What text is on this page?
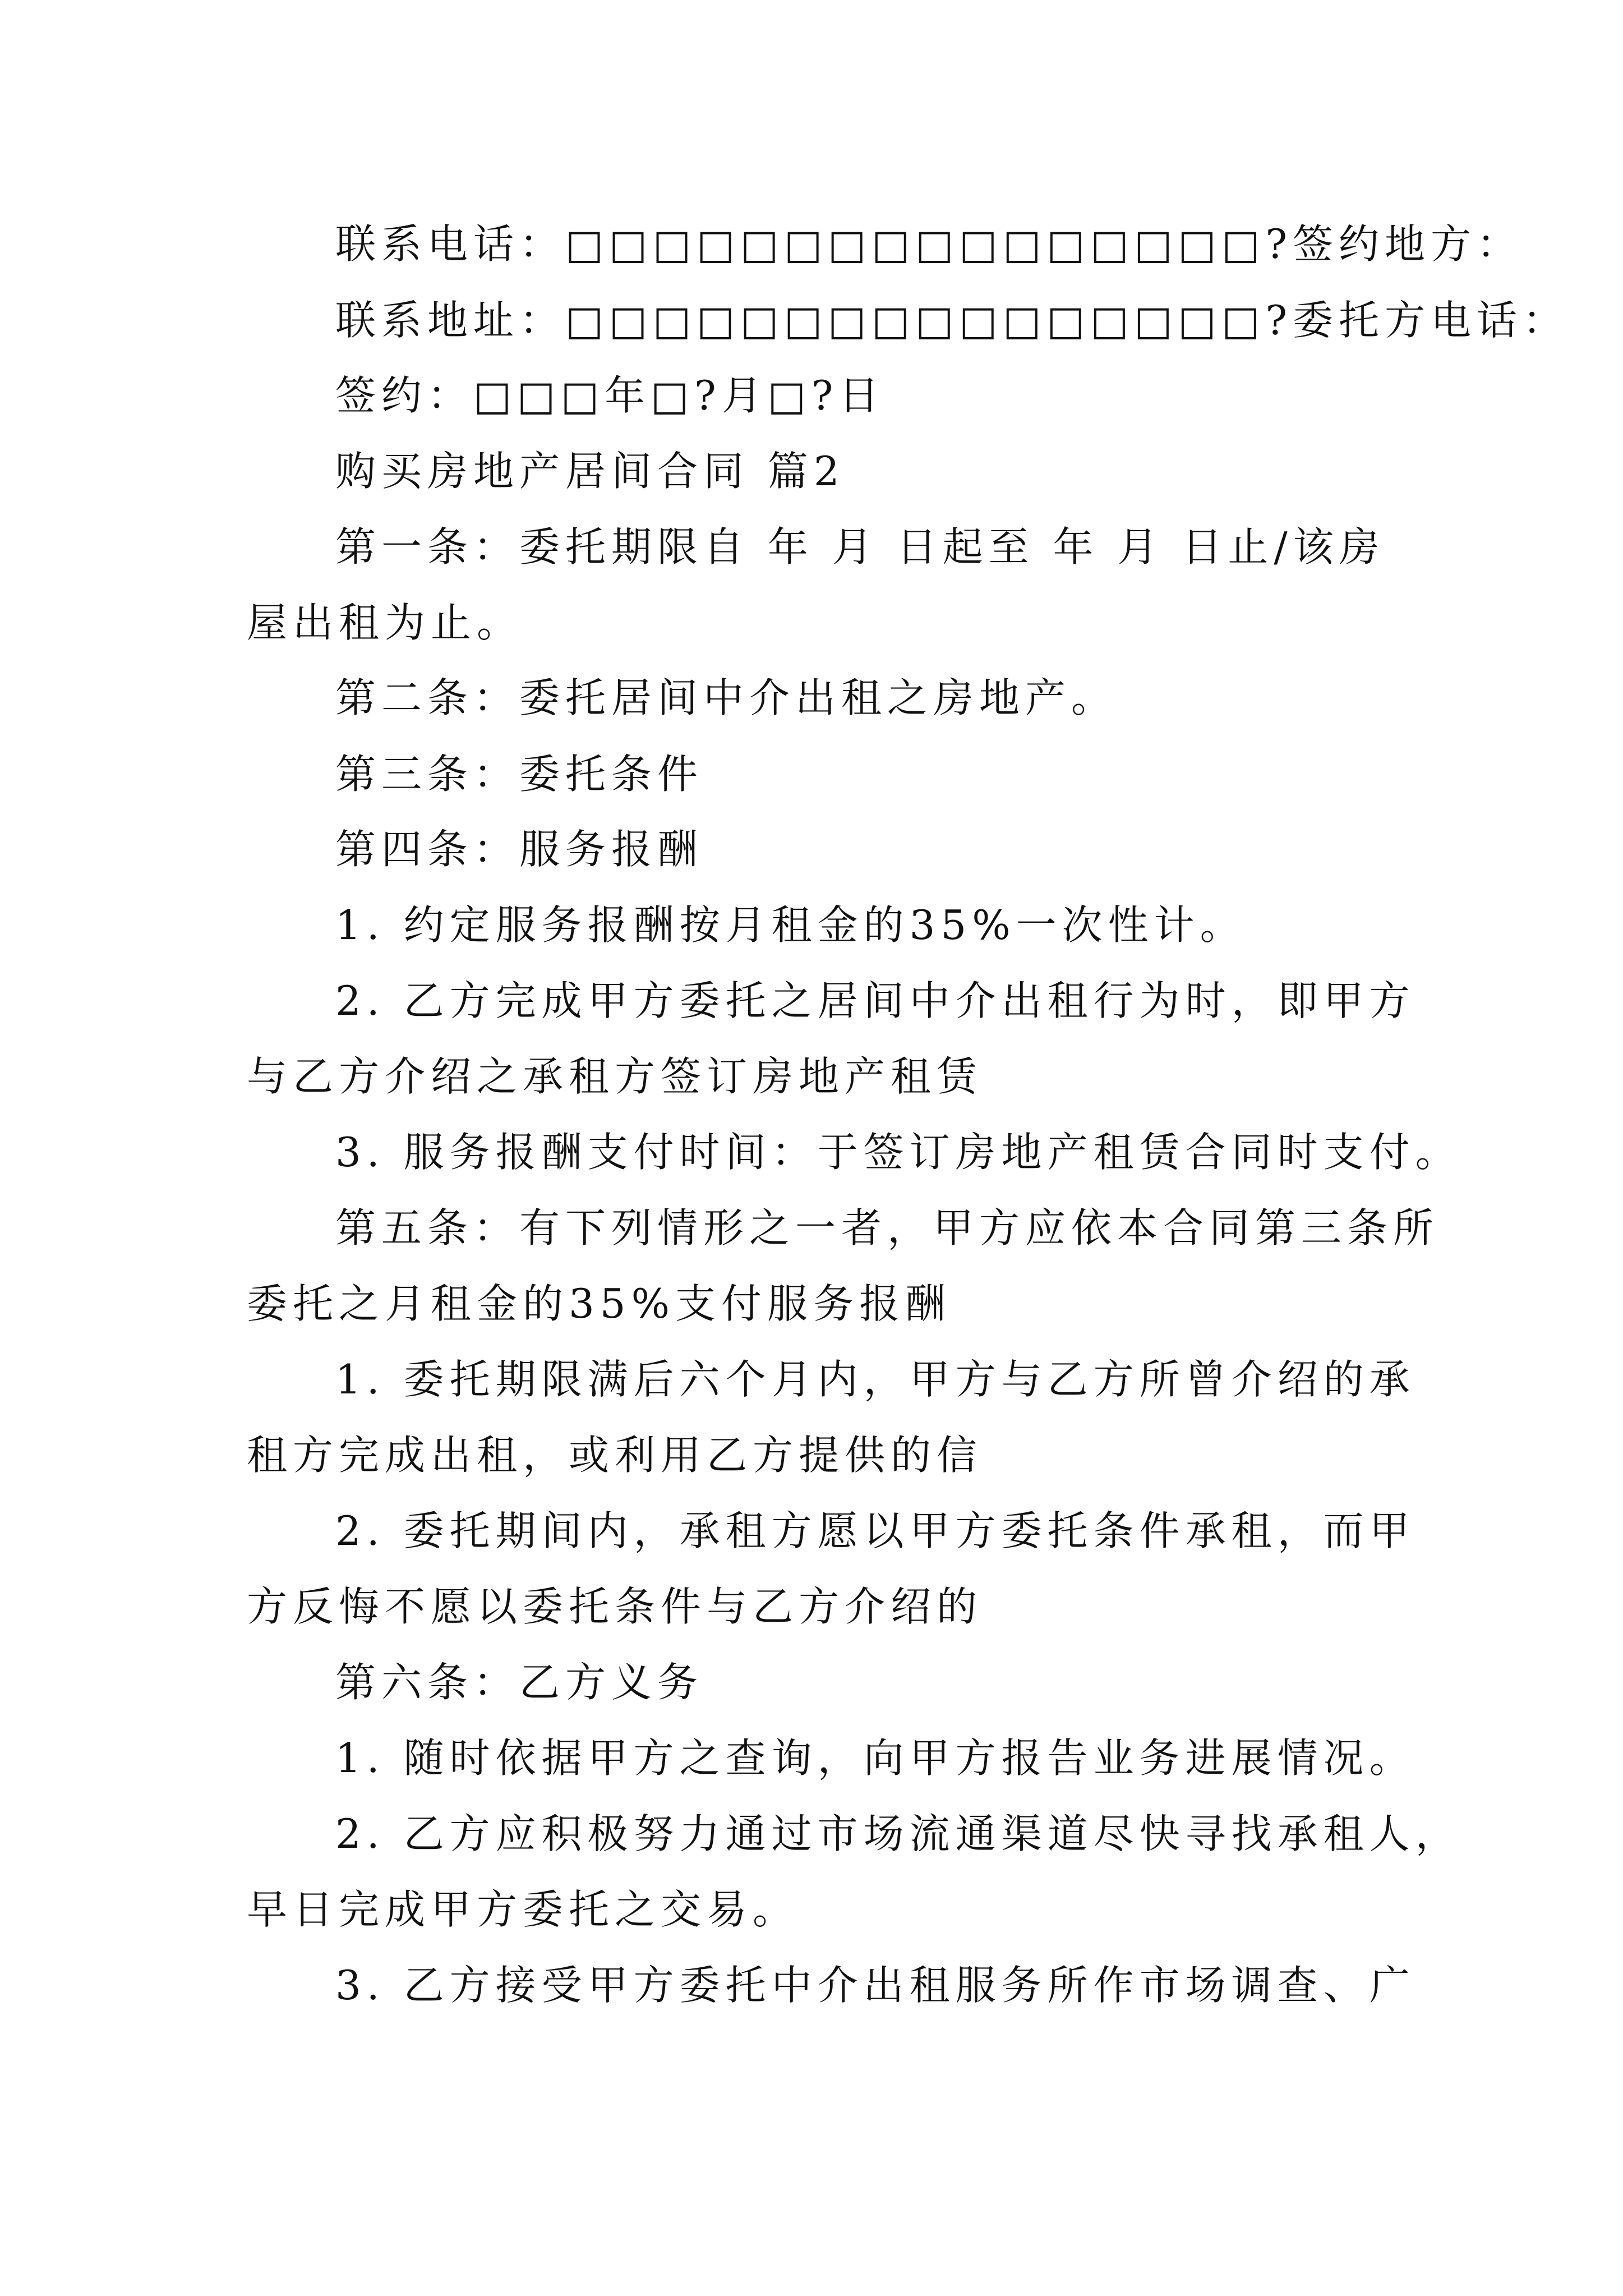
联系电话：□□□□□□□□□□□□□□□□?签约地方：
联系地址：□□□□□□□□□□□□□□□□?委托方电话：
签约：□□□年□?月□?日
购买房地产居间合同 篇2
第一条：委托期限自 年 月 日起至 年 月 日止/该房
屋出租为止。
第二条：委托居间中介出租之房地产。
第三条：委托条件
第四条：服务报酬
1. 约定服务报酬按月租金的35%一次性计。
2. 乙方完成甲方委托之居间中介出租行为时，即甲方
与乙方介绍之承租方签订房地产租赁
3. 服务报酬支付时间：于签订房地产租赁合同时支付。
第五条：有下列情形之一者，甲方应依本合同第三条所
委托之月租金的35%支付服务报酬
1. 委托期限满后六个月内，甲方与乙方所曾介绍的承
租方完成出租，或利用乙方提供的信
2. 委托期间内，承租方愿以甲方委托条件承租，而甲
方反悔不愿以委托条件与乙方介绍的
第六条：乙方义务
1. 随时依据甲方之查询，向甲方报告业务进展情况。
2. 乙方应积极努力通过市场流通渠道尽快寻找承租人，
早日完成甲方委托之交易。
3. 乙方接受甲方委托中介出租服务所作市场调查、广
